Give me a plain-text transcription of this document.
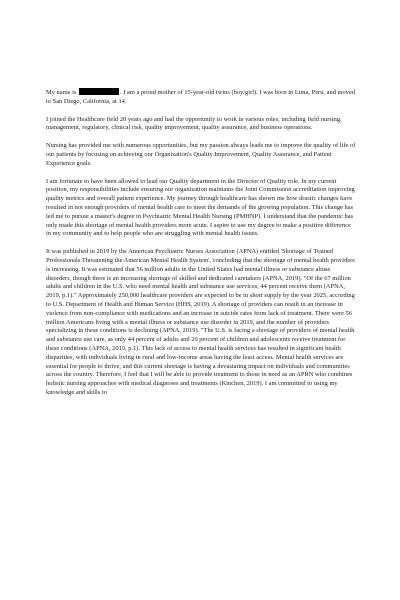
My name is	. I am a proud mother of 15-year-old twins (boy/girl). I was born in Lima, Peru, and moved to San Diego, California, at 14.

I joined the Healthcare field 20 years ago and had the opportunity to work in various roles, including field nursing, management, regulatory, clinical risk, quality improvement, quality assurance, and business operations.

Nursing has provided me with numerous opportunities, but my passion always leads me to improve the quality of life of our patients by focusing on achieving our Organization's Quality Improvement, Quality Assurance, and Patient Experience goals.

I am fortunate to have been allowed to lead our Quality department in the Director of Quality role. In my current position, my responsibilities include ensuring our organization maintains the Joint Commission accreditation improving quality metrics and overall patient experience. My journey through healthcare has shown me how drastic changes have resulted in not enough providers of mental health care to meet the demands of the growing population. This change has led me to pursue a master's degree in Psychiatric Mental Health Nursing (PMHNP). I understand that the pandemic has only made this shortage of mental health providers more acute. I aspire to use my degree to make a positive difference in my community and to help people who are struggling with mental health issues.

It was published in 2019 by the American Psychiatric Nurses Association (APNA) entitled 'Shortage of Trained Professionals Threatening the American Mental Health System', concluding that the shortage of mental health providers is increasing. It was estimated that 56 million adults in the United States had mental illness or substance abuse disorders, though there is an increasing shortage of skilled and dedicated caretakers (APNA, 2019). "Of the 67 million adults and children in the U.S. who need mental health and substance use services, 44 percent receive them (APNA, 2019, p.1)." Approximately 250,000 healthcare providers are expected to be in short supply by the year 2025, according to U.S. Department of Health and Human Service (HHS, 2019). A shortage of providers can result in an increase in violence from non-compliance with medications and an increase in suicide rates from lack of treatment. There were 56 million Americans living with a mental illness or substance use disorder in 2019, and the number of providers specializing in these conditions is declining (APNA, 2019). "The U.S. is facing a shortage of providers of mental health and substance use care, as only 44 percent of adults and 20 percent of children and adolescents receive treatment for these conditions (APNA, 2019, p.1). This lack of access to mental health services has resulted in significant health disparities, with individuals living in rural and low-income areas having the least access. Mental health services are essential for people to thrive, and this current shortage is having a devastating impact on individuals and communities across the country. Therefore, I feel that I will be able to provide treatment to those in need as an APRN who combines holistic nursing approaches with medical diagnoses and treatments (Kinchen, 2019). I am committed to using my knowledge and skills to
